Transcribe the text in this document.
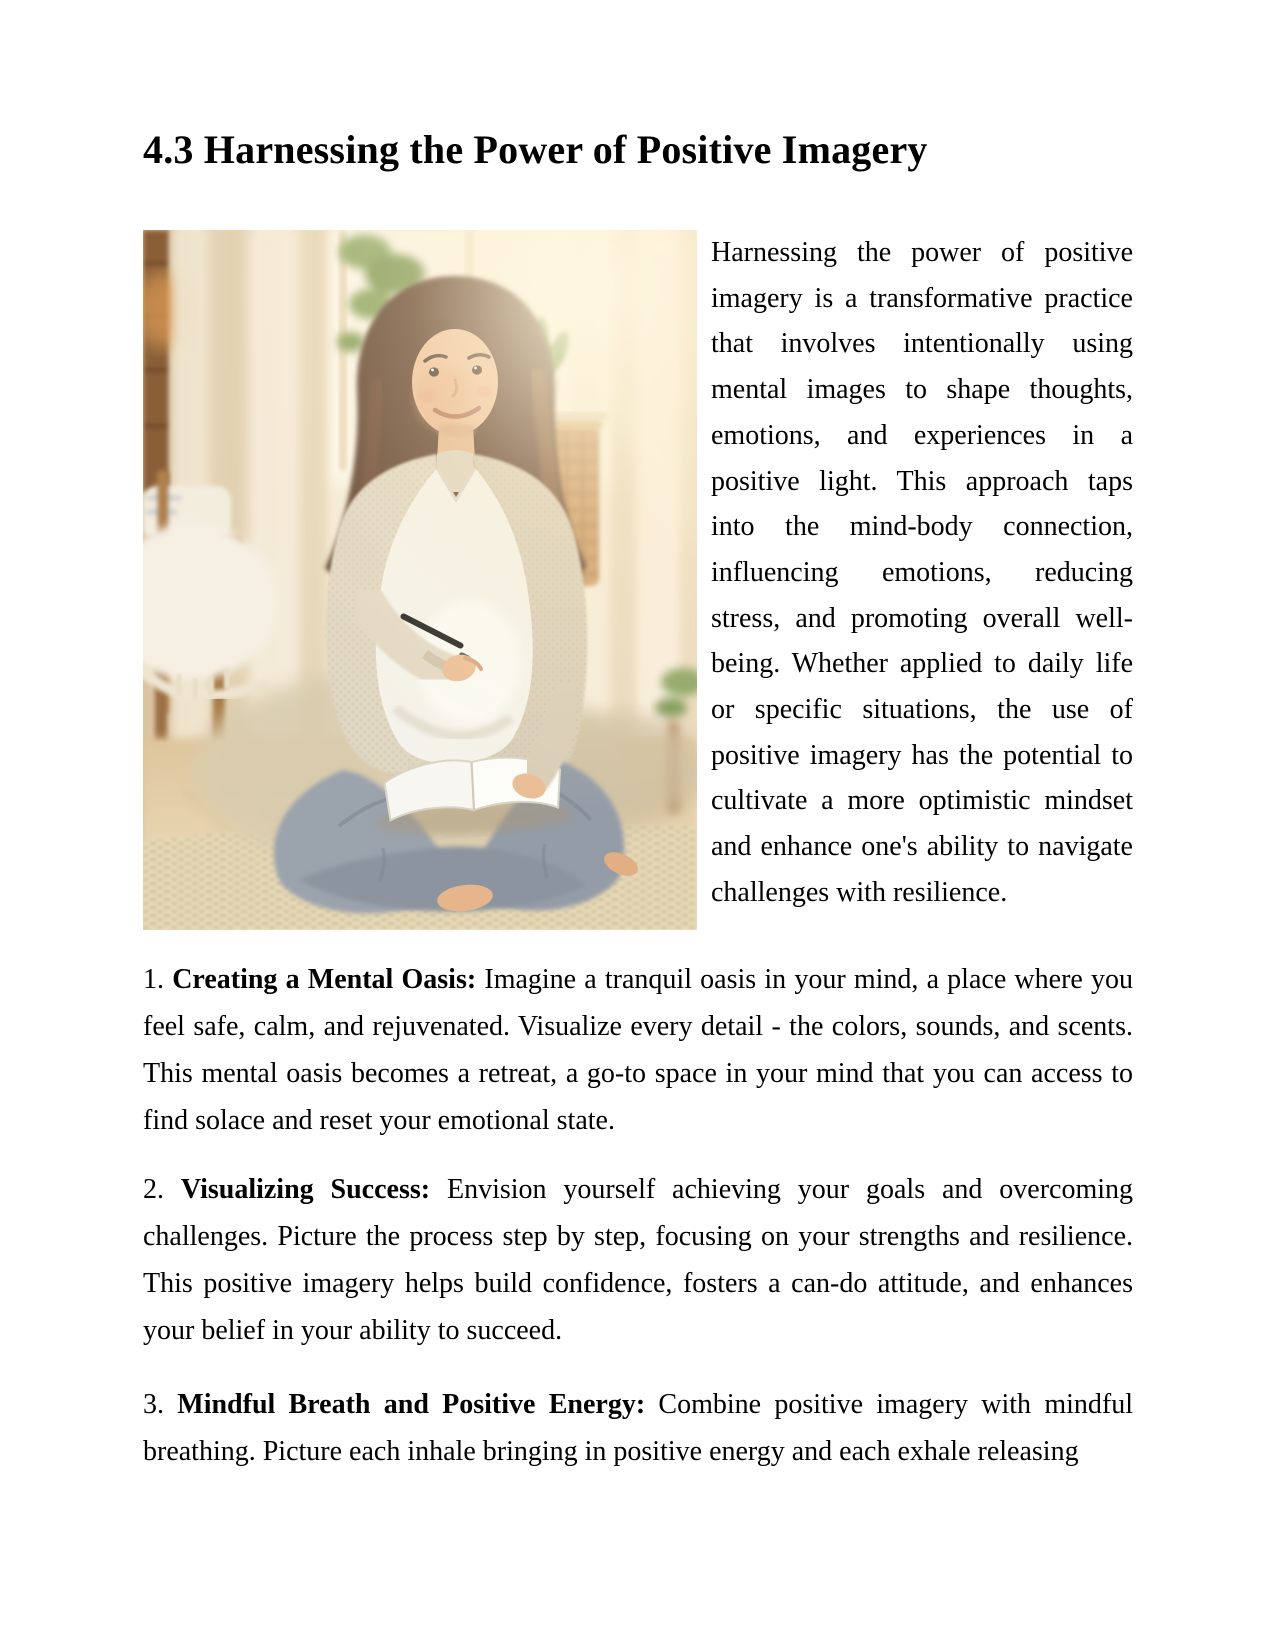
4.3 Harnessing the Power of Positive Imagery

Harnessing the power of positive imagery is a transformative practice that involves intentionally using mental images to shape thoughts, emotions, and experiences in a positive light. This approach taps into the mind-body connection, influencing emotions, reducing stress, and promoting overall well-being. Whether applied to daily life or specific situations, the use of positive imagery has the potential to cultivate a more optimistic mindset and enhance one's ability to navigate challenges with resilience.

1. Creating a Mental Oasis: Imagine a tranquil oasis in your mind, a place where you feel safe, calm, and rejuvenated. Visualize every detail - the colors, sounds, and scents. This mental oasis becomes a retreat, a go-to space in your mind that you can access to find solace and reset your emotional state.

2. Visualizing Success: Envision yourself achieving your goals and overcoming challenges. Picture the process step by step, focusing on your strengths and resilience. This positive imagery helps build confidence, fosters a can-do attitude, and enhances your belief in your ability to succeed.

3. Mindful Breath and Positive Energy: Combine positive imagery with mindful breathing. Picture each inhale bringing in positive energy and each exhale releasing
